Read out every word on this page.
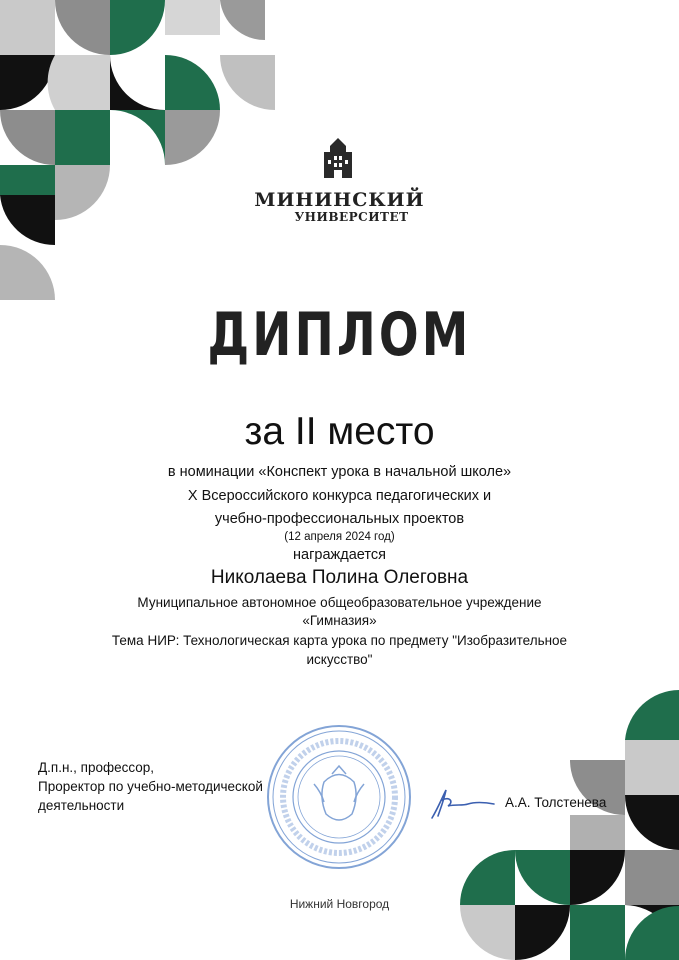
МИНИНСКИЙ
УНИВЕРСИТЕТ
ДИПЛОМ
за II место
в номинации «Конспект урока в начальной школе»
X Всероссийского конкурса педагогических и
учебно-профессиональных проектов
(12 апреля 2024 год)
награждается
Николаева Полина Олеговна
Муниципальное автономное общеобразовательное учреждение
«Гимназия»
Тема НИР: Технологическая карта урока по предмету "Изобразительное
искусство"
Д.п.н., профессор,
Проректор по учебно-методической
деятельности	А.А. Толстенева
Нижний Новгород
